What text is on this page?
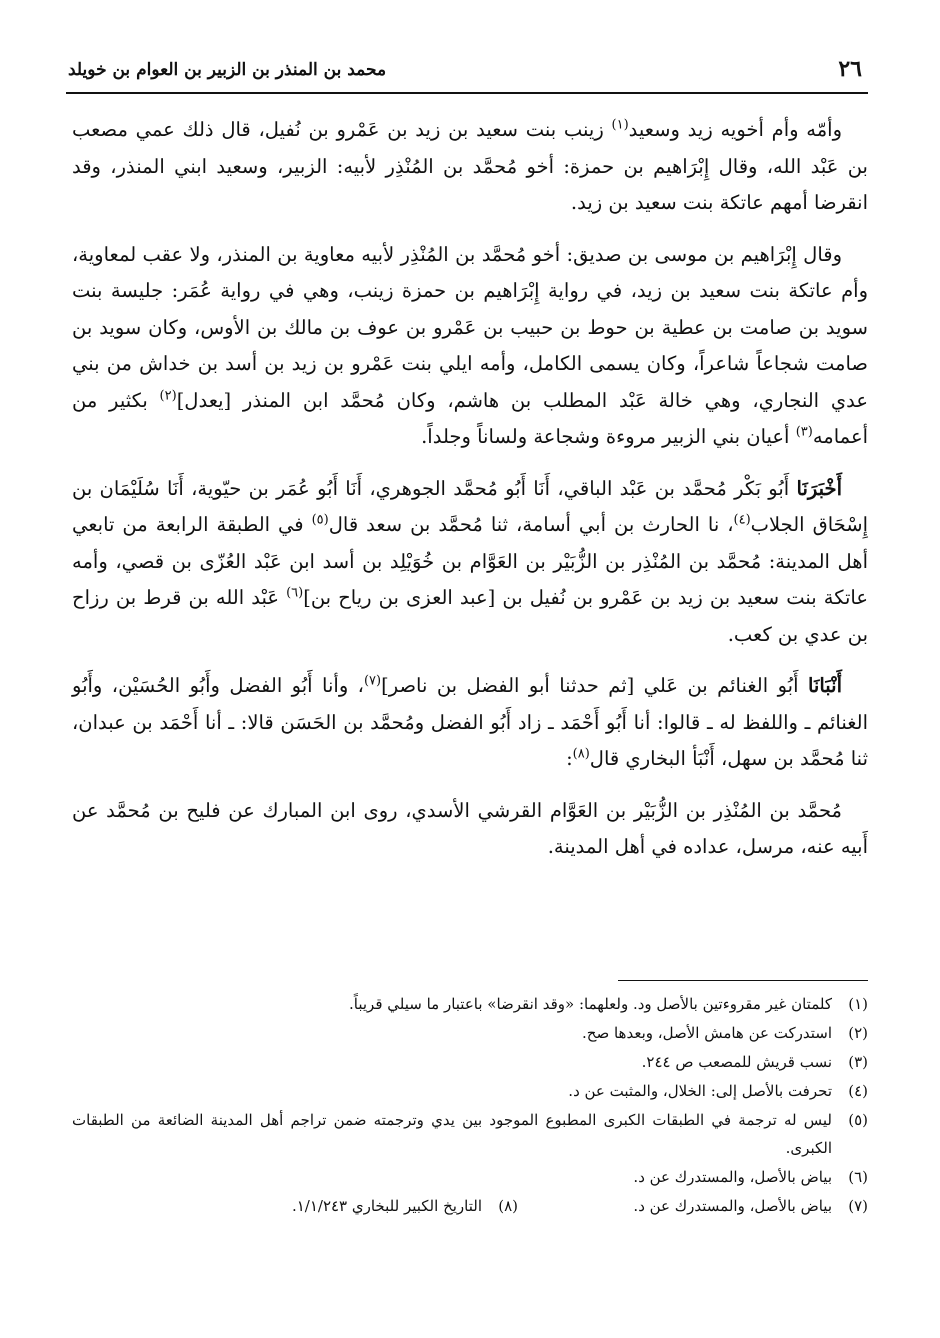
٢٦
محمد بن المنذر بن الزبير بن العوام بن خويلد

وأمّه وأم أخويه زيد وسعيد$^{(١)}$ زينب بنت سعيد بن زيد بن عَمْرو بن نُفيل، قال ذلك عمي مصعب بن عَبْد الله، وقال إِبْرَاهيم بن حمزة: أخو مُحمَّد بن المُنْذِر لأبيه: الزبير، وسعيد ابني المنذر، وقد انقرضا أمهم عاتكة بنت سعيد بن زيد.

وقال إِبْرَاهيم بن موسى بن صديق: أخو مُحمَّد بن المُنْذِر لأبيه معاوية بن المنذر، ولا عقب لمعاوية، وأم عاتكة بنت سعيد بن زيد، في رواية إِبْرَاهيم بن حمزة زينب، وهي في رواية عُمَر: جليسة بنت سويد بن صامت بن عطية بن حوط بن حبيب بن عَمْرو بن عوف بن مالك بن الأوس، وكان سويد بن صامت شجاعاً شاعراً، وكان يسمى الكامل، وأمه ايلي بنت عَمْرو بن زيد بن أسد بن خداش من بني عدي النجاري، وهي خالة عَبْد المطلب بن هاشم، وكان مُحمَّد ابن المنذر [يعدل]$^{(٢)}$ بكثير من أعمامه$^{(٣)}$ أعيان بني الزبير مروءة وشجاعة ولساناً وجلداً.

أَخْبَرَنَا أَبُو بَكْر مُحمَّد بن عَبْد الباقي، أَنَا أَبُو مُحمَّد الجوهري، أَنَا أَبُو عُمَر بن حيّوية، أَنَا سُلَيْمَان بن إِسْحَاق الجلاب$^{(٤)}$، نا الحارث بن أبي أسامة، ثنا مُحمَّد بن سعد قال$^{(٥)}$ في الطبقة الرابعة من تابعي أهل المدينة: مُحمَّد بن المُنْذِر بن الزُّبَيْر بن العَوَّام بن خُوَيْلِد بن أسد ابن عَبْد العُزّى بن قصي، وأمه عاتكة بنت سعيد بن زيد بن عَمْرو بن نُفيل بن [عبد العزى بن رياح بن]$^{(٦)}$ عَبْد الله بن قرط بن رزاح بن عدي بن كعب.

أَنْبَانَا أَبُو الغنائم بن عَلي [ثم حدثنا أبو الفضل بن ناصر]$^{(٧)}$، وأنا أَبُو الفضل وأَبُو الحُسَيْن، وأَبُو الغنائم ـ واللفظ له ـ قالوا: أنا أَبُو أَحْمَد ـ زاد أَبُو الفضل ومُحمَّد بن الحَسَن قالا: ـ أنا أَحْمَد بن عبدان، ثنا مُحمَّد بن سهل، أَنْبَأ البخاري قال$^{(٨)}$:

مُحمَّد بن المُنْذِر بن الزُّبَيْر بن العَوَّام القرشي الأسدي، روى ابن المبارك عن فليح بن مُحمَّد عن أَبيه عنه، مرسل، عداده في أهل المدينة.

(١)
كلمتان غير مقروءتين بالأصل ود. ولعلهما: «وقد انقرضا» باعتبار ما سيلي قريباً.
(٢)
استدركت عن هامش الأصل، وبعدها صح.
(٣)
نسب قريش للمصعب ص ٢٤٤.
(٤)
تحرفت بالأصل إلى: الخلال، والمثبت عن د.
(٥)
ليس له ترجمة في الطبقات الكبرى المطبوع الموجود بين يدي وترجمته ضمن تراجم أهل المدينة الضائعة من الطبقات الكبرى.
(٦)
بياض بالأصل، والمستدرك عن د.
(٧)
بياض بالأصل، والمستدرك عن د.
(٨)
التاريخ الكبير للبخاري ١/١/٢٤٣.
